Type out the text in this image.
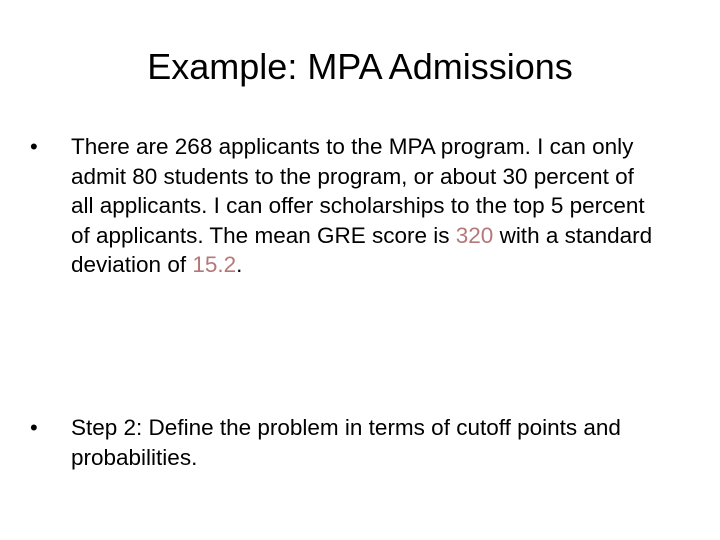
Example: MPA Admissions
•	There are 268 applicants to the MPA program. I can only admit 80 students to the program, or about 30 percent of all applicants. I can offer scholarships to the top 5 percent of applicants. The mean GRE score is 320 with a standard deviation of 15.2.
•	Step 2: Define the problem in terms of cutoff points and probabilities.
